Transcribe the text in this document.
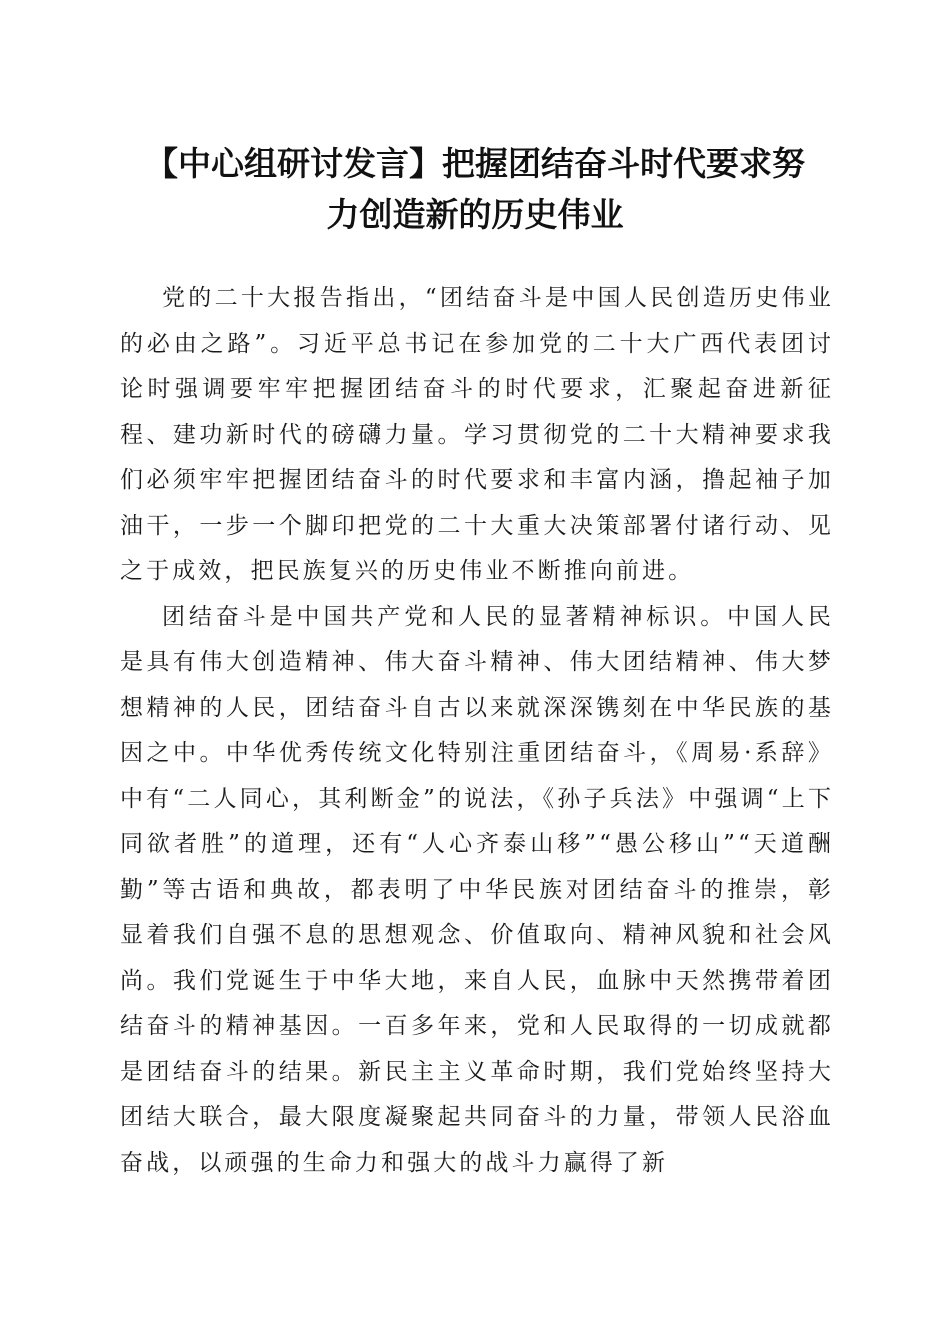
【中心组研讨发言】把握团结奋斗时代要求努
力创造新的历史伟业

党的二十大报告指出，“团结奋斗是中国人民创造历史伟业的必由之路”。习近平总书记在参加党的二十大广西代表团讨论时强调要牢牢把握团结奋斗的时代要求，汇聚起奋进新征程、建功新时代的磅礴力量。学习贯彻党的二十大精神要求我们必须牢牢把握团结奋斗的时代要求和丰富内涵，撸起袖子加油干，一步一个脚印把党的二十大重大决策部署付诸行动、见之于成效，把民族复兴的历史伟业不断推向前进。

团结奋斗是中国共产党和人民的显著精神标识。中国人民是具有伟大创造精神、伟大奋斗精神、伟大团结精神、伟大梦想精神的人民，团结奋斗自古以来就深深镌刻在中华民族的基因之中。中华优秀传统文化特别注重团结奋斗，《周易·系辞》中有“二人同心，其利断金”的说法，《孙子兵法》中强调“上下同欲者胜”的道理，还有“人心齐泰山移”“愚公移山”“天道酬勤”等古语和典故，都表明了中华民族对团结奋斗的推崇，彰显着我们自强不息的思想观念、价值取向、精神风貌和社会风尚。我们党诞生于中华大地，来自人民，血脉中天然携带着团结奋斗的精神基因。一百多年来，党和人民取得的一切成就都是团结奋斗的结果。新民主主义革命时期，我们党始终坚持大团结大联合，最大限度凝聚起共同奋斗的力量，带领人民浴血奋战，以顽强的生命力和强大的战斗力赢得了新
